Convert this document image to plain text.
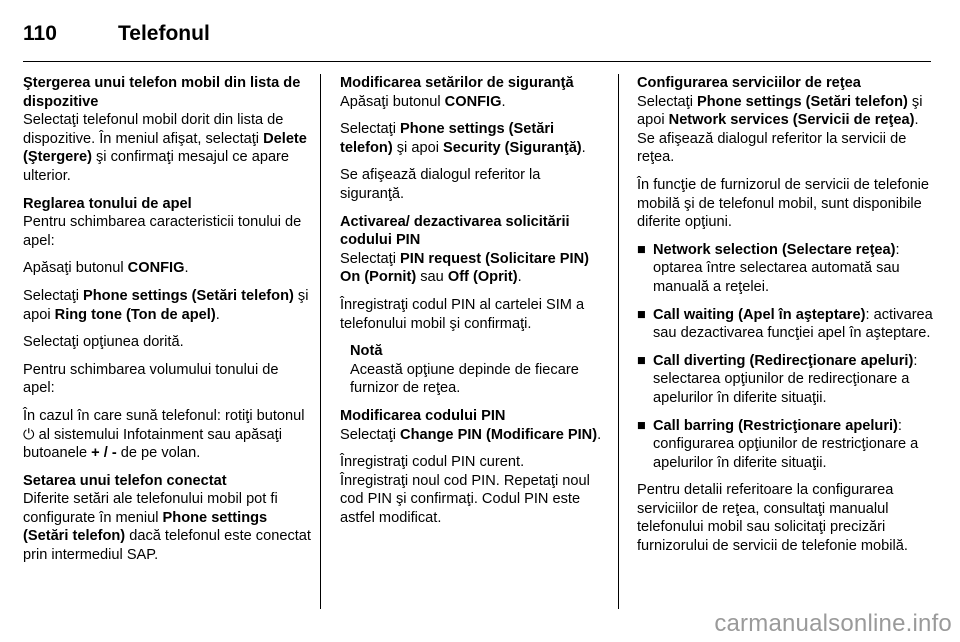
110	Telefonul
Ştergerea unui telefon mobil din lista de dispozitive
Selectaţi telefonul mobil dorit din lista de dispozitive. În meniul afişat, selectaţi Delete (Ştergere) şi confirmaţi mesajul ce apare ulterior.
Reglarea tonului de apel

Pentru schimbarea caracteristicii tonului de apel:

Apăsaţi butonul CONFIG.

Selectaţi Phone settings (Setări telefon) şi apoi Ring tone (Ton de apel).

Selectaţi opţiunea dorită.

Pentru schimbarea volumului tonului de apel:

În cazul în care sună telefonul: rotiţi butonul ⏻ al sistemului Infotainment sau apăsaţi butoanele + / - de pe volan.

Setarea unui telefon conectat
Diferite setări ale telefonului mobil pot fi configurate în meniul Phone settings (Setări telefon) dacă telefonul este conectat prin intermediul SAP.
Modificarea setărilor de siguranţă

Apăsaţi butonul CONFIG.

Selectaţi Phone settings (Setări telefon) şi apoi Security (Siguranţă).

Se afişează dialogul referitor la siguranţă.

Activarea/ dezactivarea solicitării codului PIN

Selectaţi PIN request (Solicitare PIN) On (Pornit) sau Off (Oprit).

Înregistraţi codul PIN al cartelei SIM a telefonului mobil şi confirmaţi.

Notă
Această opţiune depinde de fiecare furnizor de reţea.
Modificarea codului PIN

Selectaţi Change PIN (Modificare PIN).

Înregistraţi codul PIN curent.
Înregistraţi noul cod PIN. Repetaţi noul cod PIN şi confirmaţi. Codul PIN este astfel modificat.
Configurarea serviciilor de reţea

Selectaţi Phone settings (Setări telefon) şi apoi Network services (Servicii de reţea). Se afişează dialogul referitor la servicii de reţea.

În funcţie de furnizorul de servicii de telefonie mobilă şi de telefonul mobil, sunt disponibile diferite opţiuni.

■ Network selection (Selectare reţea): optarea între selectarea automată sau manuală a reţelei.
■ Call waiting (Apel în aşteptare): activarea sau dezactivarea funcţiei apel în aşteptare.
■ Call diverting (Redirecţionare apeluri): selectarea opţiunilor de redirecţionare a apelurilor în diferite situaţii.
■ Call barring (Restricţionare apeluri): configurarea opţiunilor de restricţionare a apelurilor în diferite situaţii.
Pentru detalii referitoare la configurarea serviciilor de reţea, consultaţi manualul telefonului mobil sau solicitaţi precizări furnizorului de servicii de telefonie mobilă.
carmanualsonline.info
